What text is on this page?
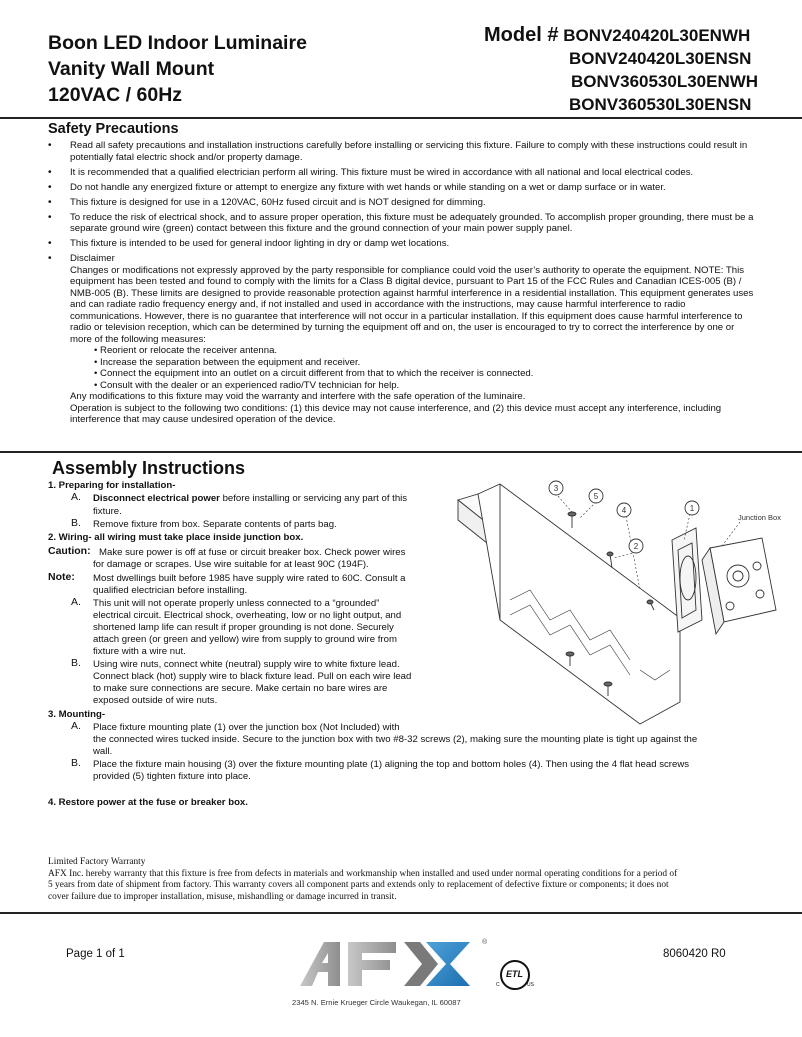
Boon LED Indoor Luminaire
Vanity Wall Mount
120VAC / 60Hz
Model # BONV240420L30ENWH
BONV240420L30ENSN
BONV360530L30ENWH
BONV360530L30ENSN
Safety Precautions
• Read all safety precautions and installation instructions carefully before installing or servicing this fixture. Failure to comply with these instructions could result in potentially fatal electric shock and/or property damage.
• It is recommended that a qualified electrician perform all wiring. This fixture must be wired in accordance with all national and local electrical codes.
• Do not handle any energized fixture or attempt to energize any fixture with wet hands or while standing on a wet or damp surface or in water.
• This fixture is designed for use in a 120VAC, 60Hz fused circuit and is NOT designed for dimming.
• To reduce the risk of electrical shock, and to assure proper operation, this fixture must be adequately grounded. To accomplish proper grounding, there must be a separate ground wire (green) contact between this fixture and the ground connection of your main power supply panel.
• This fixture is intended to be used for general indoor lighting in dry or damp wet locations.
• Disclaimer

Changes or modifications not expressly approved by the party responsible for compliance could void the user’s authority to operate the equipment. NOTE: This equipment has been tested and found to comply with the limits for a Class B digital device, pursuant to Part 15 of the FCC Rules and Canadian ICES-005 (B) / NMB-005 (B). These limits are designed to provide reasonable protection against harmful interference in a residential installation. This equipment generates uses and can radiate radio frequency energy and, if not installed and used in accordance with the instructions, may cause harmful interference to radio communications. However, there is no guarantee that interference will not occur in a particular installation. If this equipment does cause harmful interference to radio or television reception, which can be determined by turning the equipment off and on, the user is encouraged to try to correct the interference by one or more of the following measures:

• Reorient or relocate the receiver antenna.

• Increase the separation between the equipment and receiver.

• Connect the equipment into an outlet on a circuit different from that to which the receiver is connected.

• Consult with the dealer or an experienced radio/TV technician for help.

Any modifications to this fixture may void the warranty and interfere with the safe operation of the luminaire.

Operation is subject to the following two conditions: (1) this device may not cause interference, and (2) this device must accept any interference, including interference that may cause undesired operation of the device.

Assembly Instructions
1. Preparing for installation-
A. Disconnect electrical power before installing or servicing any part of this
fixture.
B. Remove fixture from box. Separate contents of parts bag.
2. Wiring- all wiring must take place inside junction box.
Caution: Make sure power is off at fuse or circuit breaker box. Check power wires
for damage or scrapes. Use wire suitable for at least 90C (194F).
Note: Most dwellings built before 1985 have supply wire rated to 60C. Consult a
qualified electrician before installing.
A. This unit will not operate properly unless connected to a “grounded”
electrical circuit. Electrical shock, overheating, low or no light output, and
shortened lamp life can result if proper grounding is not done. Securely
attach green (or green and yellow) wire from supply to ground wire from
fixture with a wire nut.
B. Using wire nuts, connect white (neutral) supply wire to white fixture lead.
Connect black (hot) supply wire to black fixture lead. Pull on each wire lead
to make sure connections are secure. Make certain no bare wires are
exposed outside of wire nuts.
3. Mounting-
A. Place fixture mounting plate (1) over the junction box (Not Included) with
the connected wires tucked inside. Secure to the junction box with two #8-32 screws (2), making sure the mounting plate is tight up against the
wall.
B. Place the fixture main housing (3) over the fixture mounting plate (1) aligning the top and bottom holes (4). Then using the 4 flat head screws
provided (5) tighten fixture into place.
4. Restore power at the fuse or breaker box.
3
5
4	1
2
Junction Box
Limited Factory Warranty
AFX Inc. hereby warranty that this fixture is free from defects in materials and workmanship when installed and used under normal operating conditions for a period of
5 years from date of shipment from factory. This warranty covers all component parts and extends only to replacement of defective fixture or components; it does not
cover failure due to improper installation, misuse, mishandling or damage incurred in transit.
Page 1 of 1	8060420 R0
®
ETL
C	US
2345 N. Ernie Krueger Circle Waukegan, IL 60087
